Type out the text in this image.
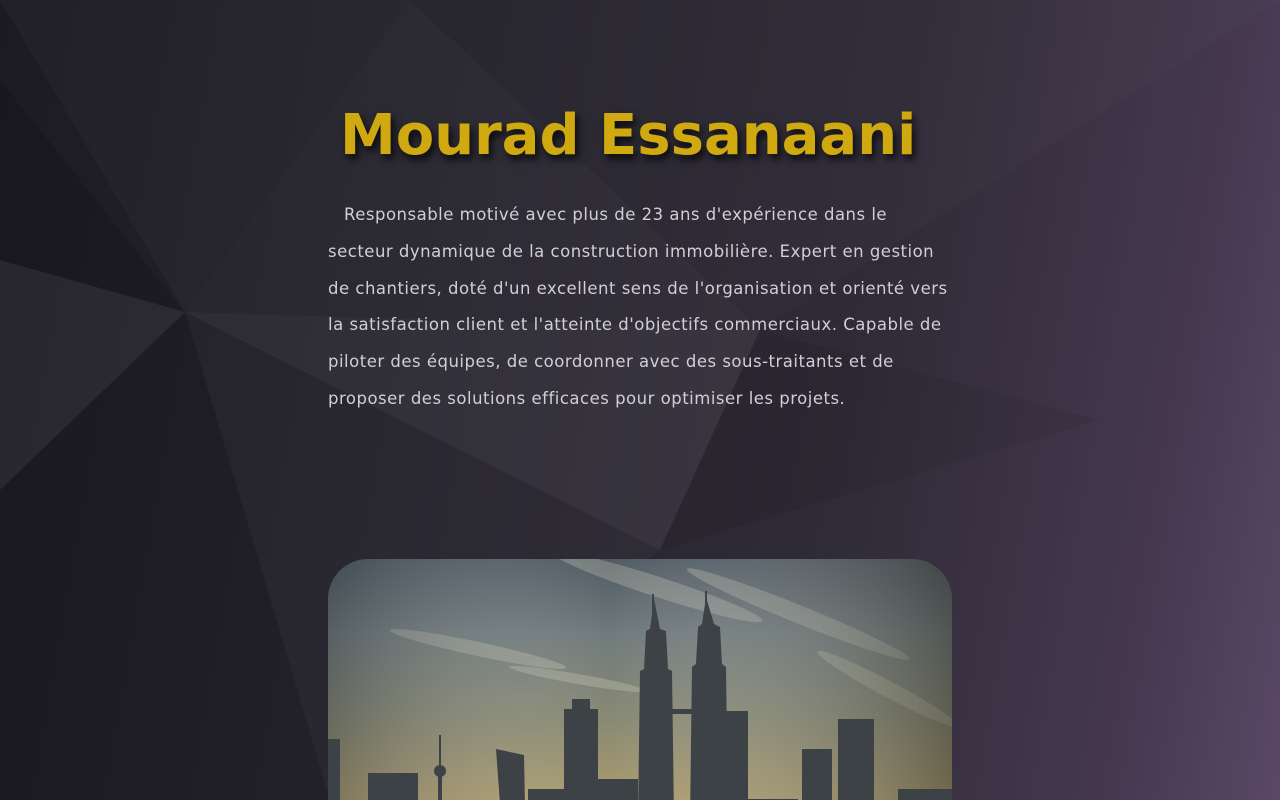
Mourad Essanaani

Responsable motivé avec plus de 23 ans d'expérience dans le secteur dynamique de la construction immobilière. Expert en gestion de chantiers, doté d'un excellent sens de l'organisation et orienté vers la satisfaction client et l'atteinte d'objectifs commerciaux. Capable de piloter des équipes, de coordonner avec des sous-traitants et de proposer des solutions efficaces pour optimiser les projets.
